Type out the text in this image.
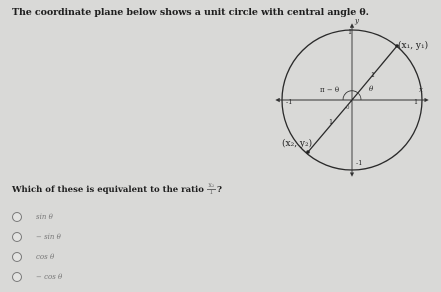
The coordinate plane below shows a unit circle with central angle θ.
1
-1
-1	1
y
x
(x₁, y₁)
(x₂, y₂)
1
1
π − θ	θ
0
Which of these is equivalent to the ratio $\frac{\text{x₂}}{1}$ ?
sin θ
− sin θ
cos θ
− cos θ
